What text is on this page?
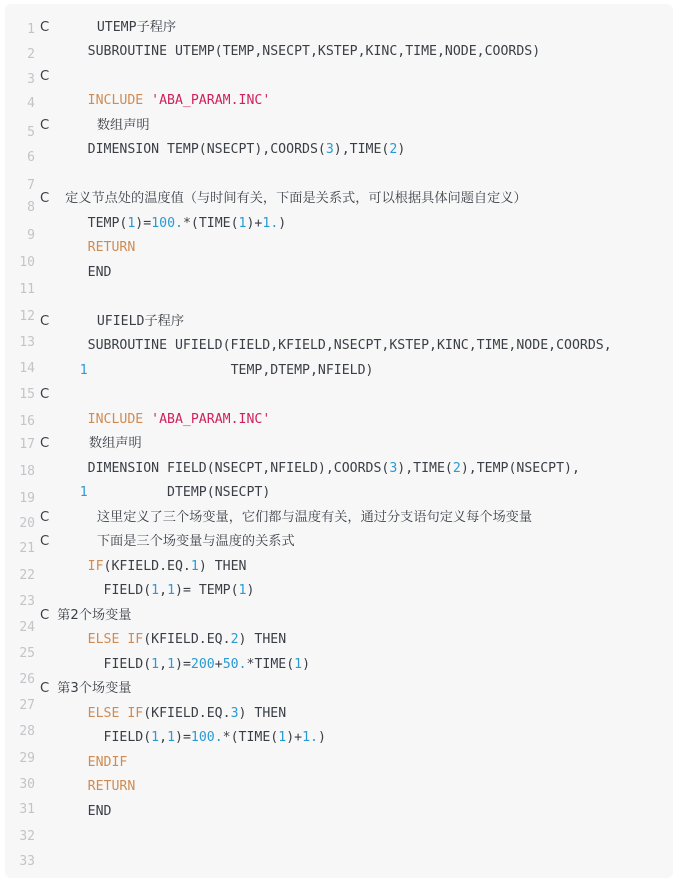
1
2
3
4
5
6
7
8
9
10
11
12
13
14
15
16
17
18
19
20
21
22
23
24
25
26
27
28
29
30
31
32
33
C	UTEMP子程序
SUBROUTINE UTEMP(TEMP,NSECPT,KSTEP,KINC,TIME,NODE,COORDS)
C
INCLUDE 'ABA_PARAM.INC'
C	数组声明
DIMENSION TEMP(NSECPT),COORDS(3),TIME(2)
C 定义节点处的温度值（与时间有关，下面是关系式，可以根据具体问题自定义）
TEMP(1)=100.*(TIME(1)+1.)
RETURN
END
C	UFIELD子程序
SUBROUTINE UFIELD(FIELD,KFIELD,NSECPT,KSTEP,KINC,TIME,NODE,COORDS,
1                  TEMP,DTEMP,NFIELD)
C
INCLUDE 'ABA_PARAM.INC'
C	数组声明
DIMENSION FIELD(NSECPT,NFIELD),COORDS(3),TIME(2),TEMP(NSECPT),
1          DTEMP(NSECPT)
C	这里定义了三个场变量，它们都与温度有关，通过分支语句定义每个场变量
C	下面是三个场变量与温度的关系式
IF(KFIELD.EQ.1) THEN
FIELD(1,1)= TEMP(1)
C 第2个场变量
ELSE IF(KFIELD.EQ.2) THEN
FIELD(1,1)=200+50.*TIME(1)
C 第3个场变量
ELSE IF(KFIELD.EQ.3) THEN
FIELD(1,1)=100.*(TIME(1)+1.)
ENDIF
RETURN
END
